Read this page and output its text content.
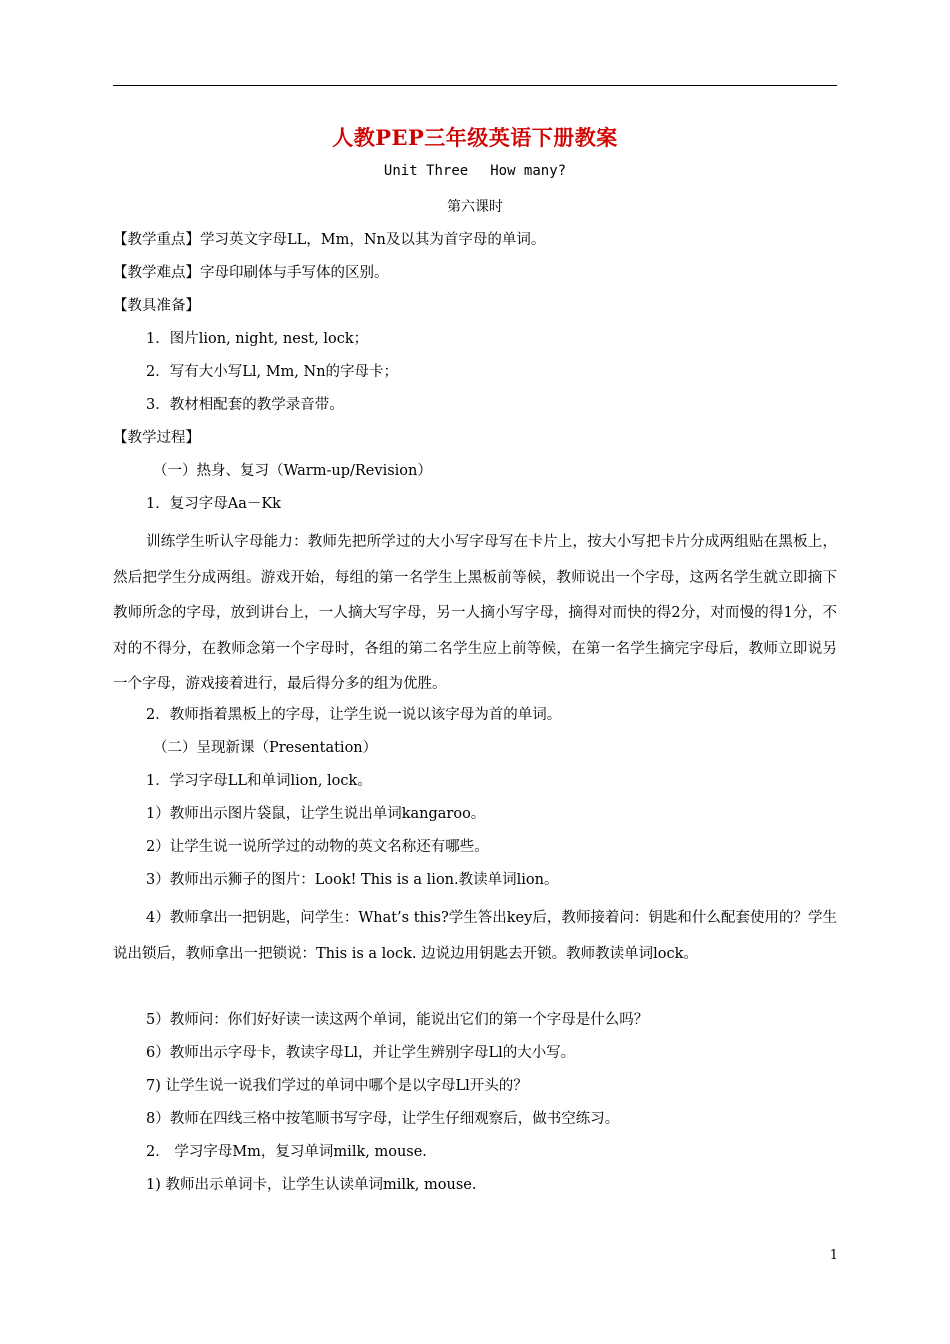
人教PEP三年级英语下册教案
Unit Three How many?
第六课时
【教学重点】学习英文字母LL，Mm，Nn及以其为首字母的单词。
【教学难点】字母印刷体与手写体的区别。
【教具准备】
1．图片lion, night, nest, lock；
2．写有大小写Ll, Mm, Nn的字母卡；
3．教材相配套的教学录音带。
【教学过程】
（一）热身、复习（Warm-up/Revision）
1．复习字母Aa－Kk

训练学生听认字母能力：教师先把所学过的大小写字母写在卡片上，按大小写把卡片分成两组贴在黑板上，然后把学生分成两组。游戏开始，每组的第一名学生上黑板前等候，教师说出一个字母，这两名学生就立即摘下教师所念的字母，放到讲台上，一人摘大写字母，另一人摘小写字母，摘得对而快的得2分，对而慢的得1分，不对的不得分，在教师念第一个字母时，各组的第二名学生应上前等候，在第一名学生摘完字母后，教师立即说另一个字母，游戏接着进行，最后得分多的组为优胜。

2．教师指着黑板上的字母，让学生说一说以该字母为首的单词。
（二）呈现新课（Presentation）
1．学习字母LL和单词lion, lock。
1）教师出示图片袋鼠，让学生说出单词kangaroo。
2）让学生说一说所学过的动物的英文名称还有哪些。
3）教师出示狮子的图片：Look! This is a lion.教读单词lion。

4）教师拿出一把钥匙，问学生：What’s this?学生答出key后，教师接着问：钥匙和什么配套使用的？学生说出锁后，教师拿出一把锁说：This is a lock. 边说边用钥匙去开锁。教师教读单词lock。

5）教师问：你们好好读一读这两个单词，能说出它们的第一个字母是什么吗？
6）教师出示字母卡，教读字母Ll，并让学生辨别字母Ll的大小写。
7) 让学生说一说我们学过的单词中哪个是以字母Ll开头的？
8）教师在四线三格中按笔顺书写字母，让学生仔细观察后，做书空练习。
2． 学习字母Mm，复习单词milk, mouse.
1) 教师出示单词卡，让学生认读单词milk, mouse.
1
